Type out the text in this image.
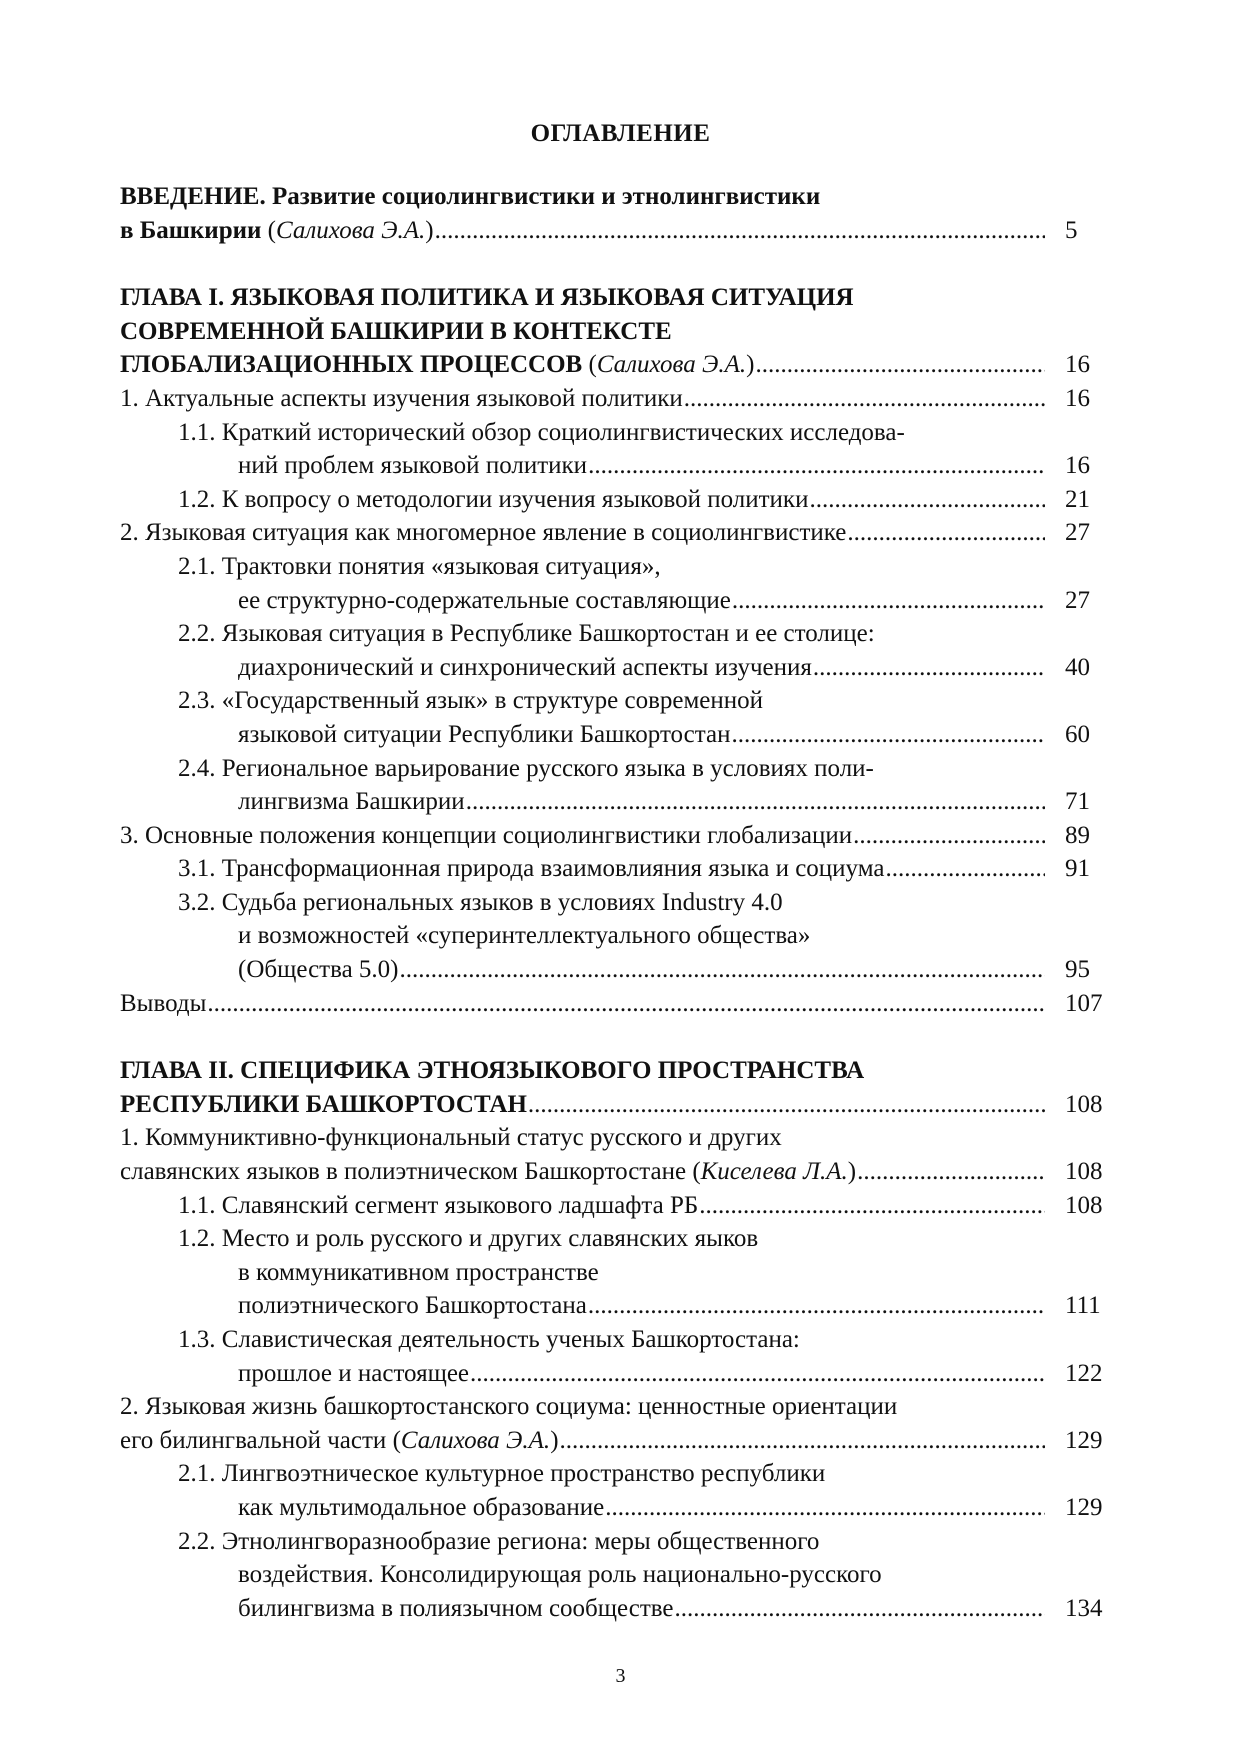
ОГЛАВЛЕНИЕ
ВВЕДЕНИЕ. Развитие социолингвистики и этнолингвистики
в Башкирии (Салихова Э.А.) .....	5
ГЛАВА I. ЯЗЫКОВАЯ ПОЛИТИКА И ЯЗЫКОВАЯ СИТУАЦИЯ
СОВРЕМЕННОЙ БАШКИРИИ В КОНТЕКСТЕ
ГЛОБАЛИЗАЦИОННЫХ ПРОЦЕССОВ (Салихова Э.А.) .....	16
1. Актуальные аспекты изучения языковой политики .....	16
1.1. Краткий исторический обзор социолингвистических исследова-
ний проблем языковой политики .....	16
1.2. К вопросу о методологии изучения языковой политики .....	21
2. Языковая ситуация как многомерное явление в социолингвистике .....	27
2.1. Трактовки понятия «языковая ситуация»,
ее структурно-содержательные составляющие .....	27
2.2. Языковая ситуация в Республике Башкортостан и ее столице:
диахронический и синхронический аспекты изучения .....	40
2.3. «Государственный язык» в структуре современной
языковой ситуации Республики Башкортостан .....	60
2.4. Региональное варьирование русского языка в условиях поли-
лингвизма Башкирии .....	71
3. Основные положения концепции социолингвистики глобализации .....	89
3.1. Трансформационная природа взаимовлияния языка и социума .....	91
3.2. Судьба региональных языков в условиях Industry 4.0
и возможностей «суперинтеллектуального общества»
(Общества 5.0) .....	95
Выводы .....	107
ГЛАВА II. СПЕЦИФИКА ЭТНОЯЗЫКОВОГО ПРОСТРАНСТВА
РЕСПУБЛИКИ БАШКОРТОСТАН .....	108
1. Коммуниктивно-функциональный статус русского и других
славянских языков в полиэтническом Башкортостане (Киселева Л.А.) .....	108
1.1. Славянский сегмент языкового ладшафта РБ .....	108
1.2. Место и роль русского и других славянских яыков
в коммуникативном пространстве
полиэтнического Башкортостана .....	111
1.3. Славистическая деятельность ученых Башкортостана:
прошлое и настоящее .....	122
2. Языковая жизнь башкортостанского социума: ценностные ориентации
его билингвальной части (Салихова Э.А.) .....	129
2.1. Лингвоэтническое культурное пространство республики
как мультимодальное образование .....	129
2.2. Этнолингворазнообразие региона: меры общественного
воздействия. Консолидирующая роль национально-русского
билингвизма в полиязычном сообществе .....	134
3
